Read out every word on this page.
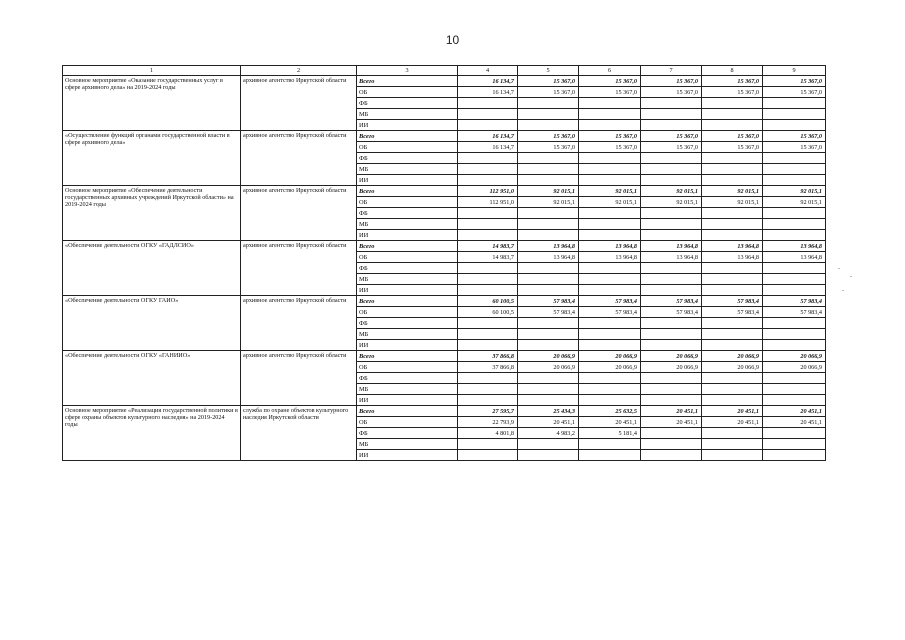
10
1	2	3	4	5	6	7	8	9
Основное мероприятие «Оказание государственных услуг в сфере архивного дела» на 2019-2024 годы	архивное агентство Иркутской области	Всего	16 134,7	15 367,0	15 367,0	15 367,0	15 367,0	15 367,0
		ОБ	16 134,7	15 367,0	15 367,0	15 367,0	15 367,0	15 367,0
		ФБ						
		МБ						
		ИИ						
«Осуществление функций органами государственной власти в сфере архивного дела»	архивное агентство Иркутской области	Всего	16 134,7	15 367,0	15 367,0	15 367,0	15 367,0	15 367,0
		ОБ	16 134,7	15 367,0	15 367,0	15 367,0	15 367,0	15 367,0
		ФБ						
		МБ						
		ИИ						
Основное мероприятие «Обеспечение деятельности государственных архивных учреждений Иркутской области» на 2019-2024 годы	архивное агентство Иркутской области	Всего	112 951,0	92 015,1	92 015,1	92 015,1	92 015,1	92 015,1
		ОБ	112 951,0	92 015,1	92 015,1	92 015,1	92 015,1	92 015,1
		ФБ						
		МБ						
		ИИ						
«Обеспечение деятельности ОГКУ «ГАДЛСИО»	архивное агентство Иркутской области	Всего	14 983,7	13 964,8	13 964,8	13 964,8	13 964,8	13 964,8
		ОБ	14 983,7	13 964,8	13 964,8	13 964,8	13 964,8	13 964,8
		ФБ						
		МБ						
		ИИ						
«Обеспечение деятельности ОГКУ ГАИО»	архивное агентство Иркутской области	Всего	60 100,5	57 983,4	57 983,4	57 983,4	57 983,4	57 983,4
		ОБ	60 100,5	57 983,4	57 983,4	57 983,4	57 983,4	57 983,4
		ФБ						
		МБ						
		ИИ						
«Обеспечение деятельности ОГКУ «ГАНИИО»	архивное агентство Иркутской области	Всего	37 866,8	20 066,9	20 066,9	20 066,9	20 066,9	20 066,9
		ОБ	37 866,8	20 066,9	20 066,9	20 066,9	20 066,9	20 066,9
		ФБ						
		МБ						
		ИИ						
Основное мероприятие «Реализация государственной политики в сфере охраны объектов культурного наследия» на 2019-2024 годы	служба по охране объектов культурного наследия Иркутской области	Всего	27 595,7	25 434,3	25 632,5	20 451,1	20 451,1	20 451,1
		ОБ	22 793,9	20 451,1	20 451,1	20 451,1	20 451,1	20 451,1
		ФБ	4 801,8	4 983,2	5 181,4			
		МБ						
		ИИ						
